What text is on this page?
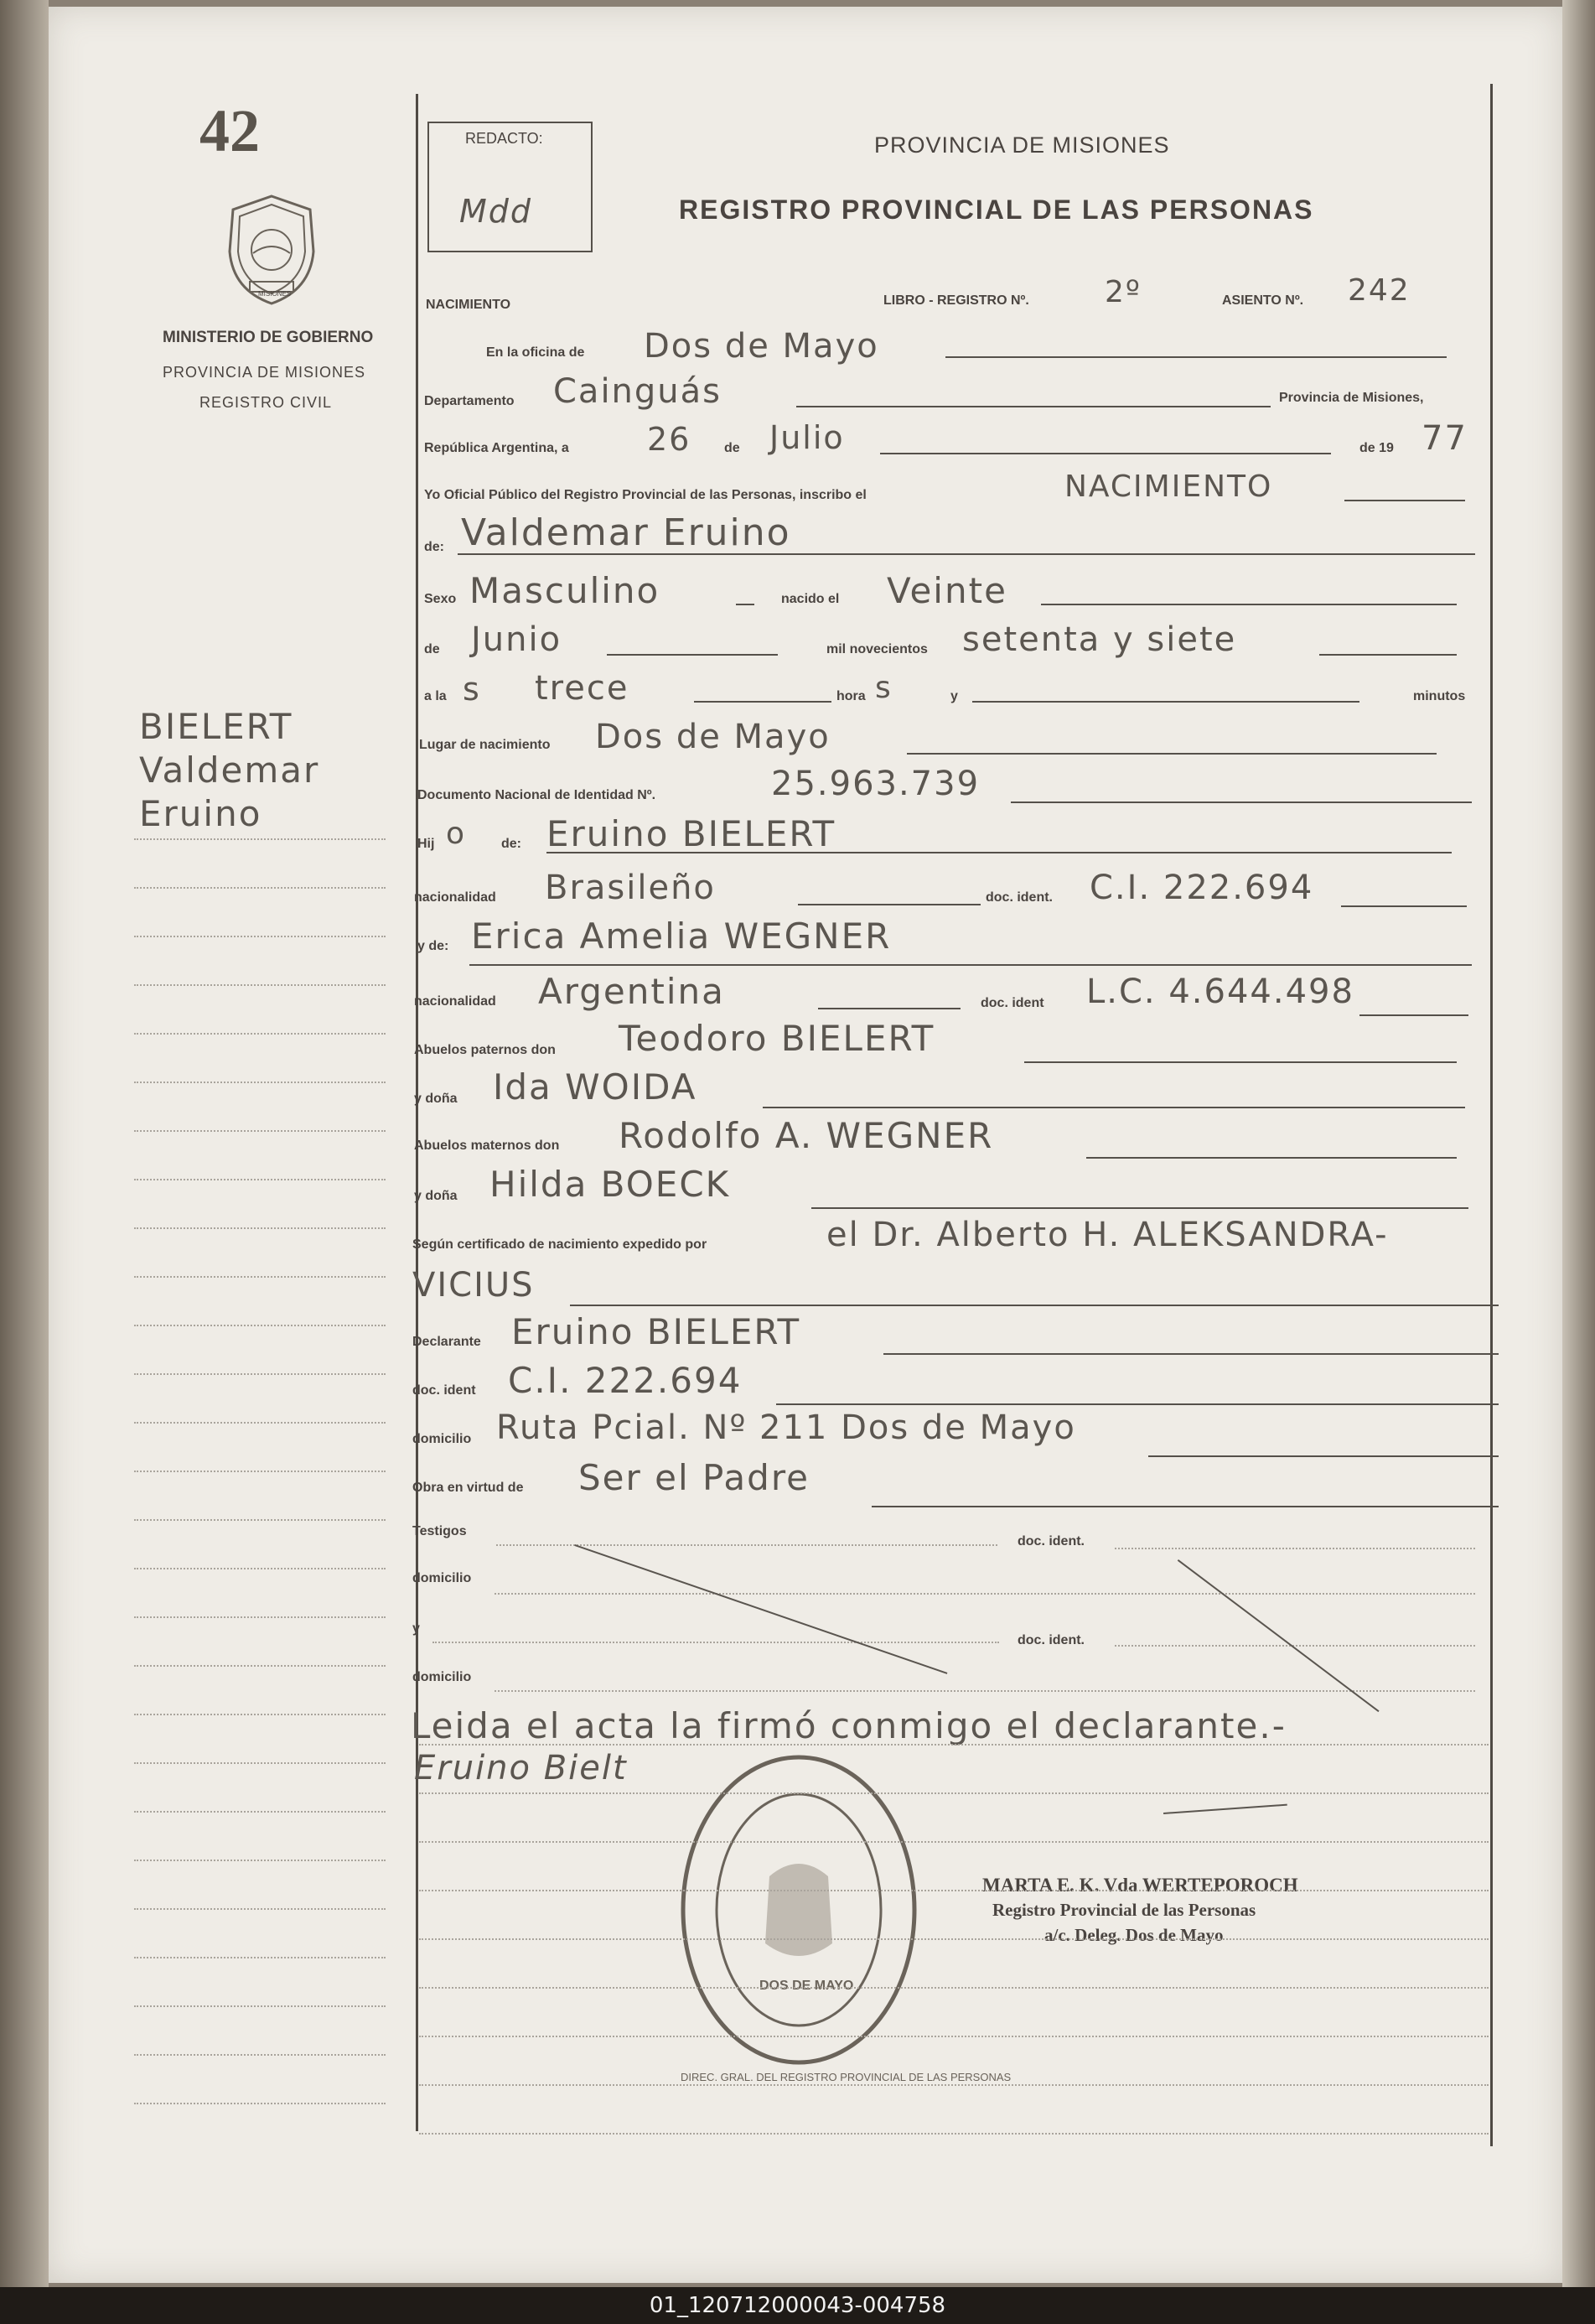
42
MISIONES
MINISTERIO DE GOBIERNO
PROVINCIA DE MISIONES
REGISTRO CIVIL
BIELERT
Valdemar
Eruino
REDACTO:
Mdd
PROVINCIA DE MISIONES
REGISTRO PROVINCIAL DE LAS PERSONAS
NACIMIENTO	LIBRO - REGISTRO Nº.	2º	ASIENTO Nº. 242
En la oficina de Dos de Mayo
Departamento Cainguás	Provincia de Misiones,
República Argentina, a 26 de Julio	de 19 77
Yo Oficial Público del Registro Provincial de las Personas, inscribo el	NACIMIENTO
de: Valdemar Eruino
Sexo Masculino	nacido el Veinte
de Junio	mil novecientos setenta y siete
a la s trece	hora s	y	minutos
Lugar de nacimiento Dos de Mayo
Documento Nacional de Identidad Nº.	25.963.739
Hij o	de: Eruino BIELERT
nacionalidad Brasileño	doc. ident. C.I. 222.694
y de: Erica Amelia WEGNER
nacionalidad Argentina	doc. ident L.C. 4.644.498
Abuelos paternos don Teodoro BIELERT
y doña Ida WOIDA
Abuelos maternos don Rodolfo A. WEGNER
y doña Hilda BOECK
Según certificado de nacimiento expedido por	el Dr. Alberto H. ALEKSANDRA-
VICIUS
Declarante Eruino BIELERT
doc. ident C.I. 222.694
domicilio Ruta Pcial. Nº 211 Dos de Mayo
Obra en virtud de Ser el Padre
Testigos
doc. ident.
domicilio
y
doc. ident.
domicilio
Leida el acta la firmó conmigo el declarante.-
Eruino Bielt
DIREC. GRAL. DEL REGISTRO PROVINCIAL DE LAS PERSONAS
DOS DE MAYO
MARTA E. K. Vda WERTEPOROCH
Registro Provincial de las Personas
a/c. Deleg. Dos de Mayo
01_120712000043-004758
